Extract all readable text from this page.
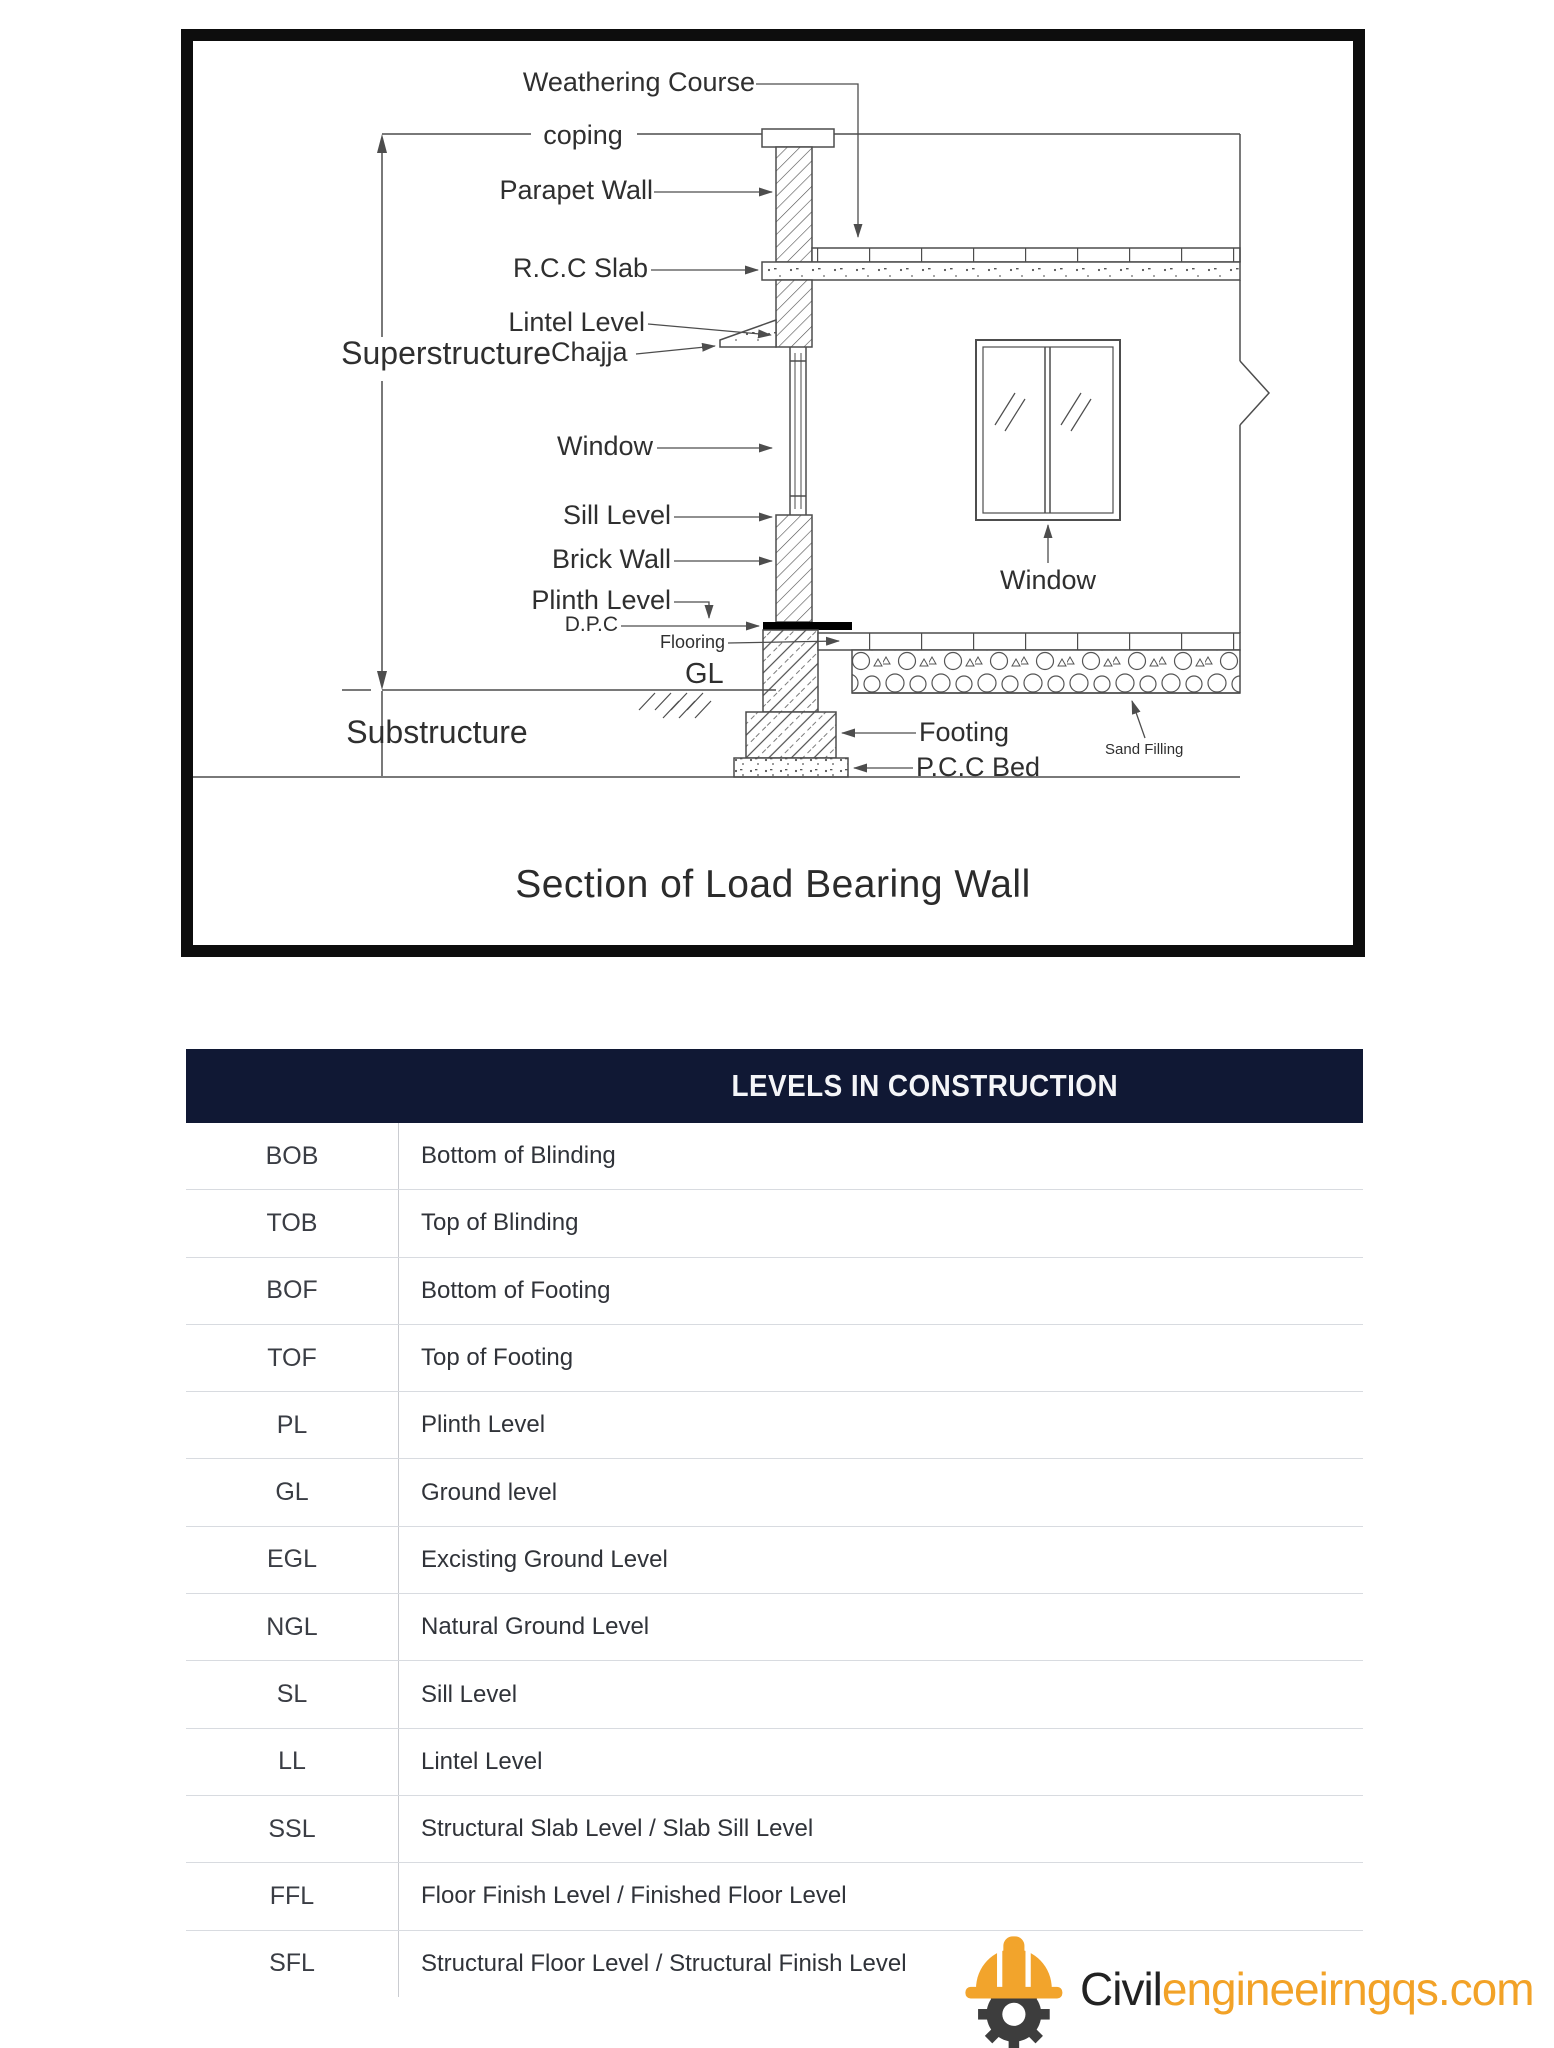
Weathering Course
coping
Parapet Wall
R.C.C Slab
Lintel Level
Superstructure Chajja
Window
Sill Level
Brick Wall
Plinth Level
D.P.C
Flooring
GL
Substructure	Footing
P.C.C Bed
Sand Filling
Window
Section of Load Bearing Wall
LEVELS IN CONSTRUCTION
BOB	Bottom of Blinding
TOB	Top of Blinding
BOF	Bottom of Footing
TOF	Top of Footing
PL	Plinth Level
GL	Ground level
EGL	Excisting Ground Level
NGL	Natural Ground Level
SL	Sill Level
LL	Lintel Level
SSL	Structural Slab Level / Slab Sill Level
FFL	Floor Finish Level / Finished Floor Level
SFL	Structural Floor Level / Structural Finish Level	Civilengineeirngqs.com
